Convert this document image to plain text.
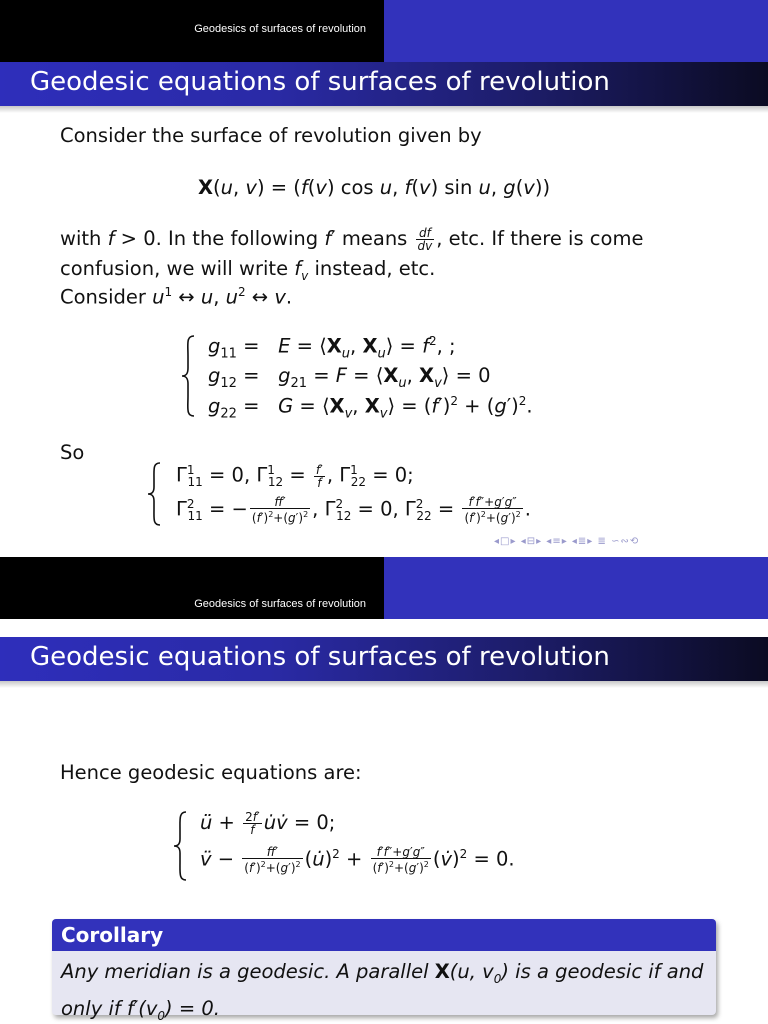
Geodesics of surfaces of revolution
Geodesic equations of surfaces of revolution
Consider the surface of revolution given by
X(u, v) = (f(v) cos u, f(v) sin u, g(v))
with f > 0. In the following f′ means $\frac{df}{dv}$ , etc. If there is come
confusion, we will write $f_v$ instead, etc.
Consider $u^1$ ↔ u, $u^2$ ↔ v.
$g_{11} = E$ = $⟨X_u$, $X_u⟩ = f^2$, ;
$g_{12} = g_{21} = F$ = $⟨X_u$, $X_v⟩ = 0$
$g_{22} = G$ = $⟨X_v$, $X_v⟩ = (f')^2 + (g')^2$.
So
$\Gamma^1_{11} = 0$, $\Gamma^1_{12} = \frac{f'}{f}$ , $\Gamma^1_{22} = 0$;
$\Gamma^2_{11}$ = − $\frac{ff'}{(f')^2+(g')^2}$ , $\Gamma^2_{12} = 0$, $\Gamma^2_{22} = \frac{f'f''+g'g''}{(f')^2+(g')^2}$ .
◂□▸ ◂⊟▸ ◂≡▸ ◂≣▸ ≣ ∽∾⟲
Geodesics of surfaces of revolution
Geodesic equations of surfaces of revolution
Hence geodesic equations are:
ü + $\frac{2f'}{f}$ u̇v̇ = 0;
v̈ − $\frac{ff'}{(f')^2+(g')^2}$ (u̇)$^2$ + $\frac{f'f''+g'g''}{(f')^2+(g')^2}$ (v̇)$^2$ = 0.
Corollary
Any meridian is a geodesic. A parallel X(u, $v_0$) is a geodesic if and only if $f'(v_0) = 0$.
